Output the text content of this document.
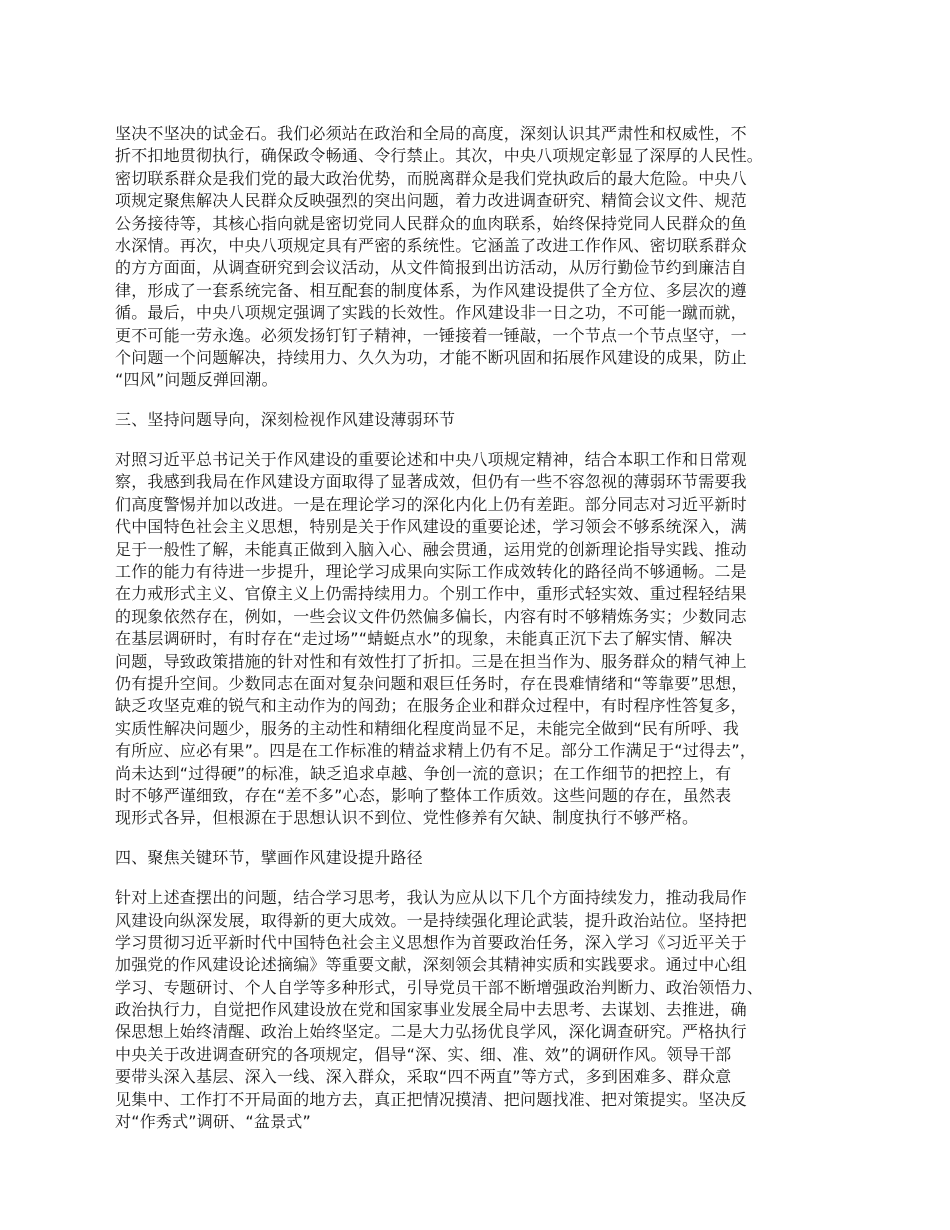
坚决不坚决的试金石。我们必须站在政治和全局的高度，深刻认识其严肃性和权威性，不
折不扣地贯彻执行，确保政令畅通、令行禁止。其次，中央八项规定彰显了深厚的人民性。
密切联系群众是我们党的最大政治优势，而脱离群众是我们党执政后的最大危险。中央八
项规定聚焦解决人民群众反映强烈的突出问题，着力改进调查研究、精简会议文件、规范
公务接待等，其核心指向就是密切党同人民群众的血肉联系，始终保持党同人民群众的鱼
水深情。再次，中央八项规定具有严密的系统性。它涵盖了改进工作作风、密切联系群众
的方方面面，从调查研究到会议活动，从文件简报到出访活动，从厉行勤俭节约到廉洁自
律，形成了一套系统完备、相互配套的制度体系，为作风建设提供了全方位、多层次的遵
循。最后，中央八项规定强调了实践的长效性。作风建设非一日之功，不可能一蹴而就，
更不可能一劳永逸。必须发扬钉钉子精神，一锤接着一锤敲，一个节点一个节点坚守，一
个问题一个问题解决，持续用力、久久为功，才能不断巩固和拓展作风建设的成果，防止
“四风”问题反弹回潮。
三、坚持问题导向，深刻检视作风建设薄弱环节
对照习近平总书记关于作风建设的重要论述和中央八项规定精神，结合本职工作和日常观
察，我感到我局在作风建设方面取得了显著成效，但仍有一些不容忽视的薄弱环节需要我
们高度警惕并加以改进。一是在理论学习的深化内化上仍有差距。部分同志对习近平新时
代中国特色社会主义思想，特别是关于作风建设的重要论述，学习领会不够系统深入，满
足于一般性了解，未能真正做到入脑入心、融会贯通，运用党的创新理论指导实践、推动
工作的能力有待进一步提升，理论学习成果向实际工作成效转化的路径尚不够通畅。二是
在力戒形式主义、官僚主义上仍需持续用力。个别工作中，重形式轻实效、重过程轻结果
的现象依然存在，例如，一些会议文件仍然偏多偏长，内容有时不够精炼务实；少数同志
在基层调研时，有时存在“走过场”“蜻蜓点水”的现象，未能真正沉下去了解实情、解决
问题，导致政策措施的针对性和有效性打了折扣。三是在担当作为、服务群众的精气神上
仍有提升空间。少数同志在面对复杂问题和艰巨任务时，存在畏难情绪和“等靠要”思想，
缺乏攻坚克难的锐气和主动作为的闯劲；在服务企业和群众过程中，有时程序性答复多，
实质性解决问题少，服务的主动性和精细化程度尚显不足，未能完全做到“民有所呼、我
有所应、应必有果”。四是在工作标准的精益求精上仍有不足。部分工作满足于“过得去”，
尚未达到“过得硬”的标准，缺乏追求卓越、争创一流的意识；在工作细节的把控上，有
时不够严谨细致，存在“差不多”心态，影响了整体工作质效。这些问题的存在，虽然表
现形式各异，但根源在于思想认识不到位、党性修养有欠缺、制度执行不够严格。
四、聚焦关键环节，擘画作风建设提升路径
针对上述查摆出的问题，结合学习思考，我认为应从以下几个方面持续发力，推动我局作
风建设向纵深发展，取得新的更大成效。一是持续强化理论武装，提升政治站位。坚持把
学习贯彻习近平新时代中国特色社会主义思想作为首要政治任务，深入学习《习近平关于
加强党的作风建设论述摘编》等重要文献，深刻领会其精神实质和实践要求。通过中心组
学习、专题研讨、个人自学等多种形式，引导党员干部不断增强政治判断力、政治领悟力、
政治执行力，自觉把作风建设放在党和国家事业发展全局中去思考、去谋划、去推进，确
保思想上始终清醒、政治上始终坚定。二是大力弘扬优良学风，深化调查研究。严格执行
中央关于改进调查研究的各项规定，倡导“深、实、细、准、效”的调研作风。领导干部
要带头深入基层、深入一线、深入群众，采取“四不两直”等方式，多到困难多、群众意
见集中、工作打不开局面的地方去，真正把情况摸清、把问题找准、把对策提实。坚决反
对“作秀式”调研、“盆景式”
